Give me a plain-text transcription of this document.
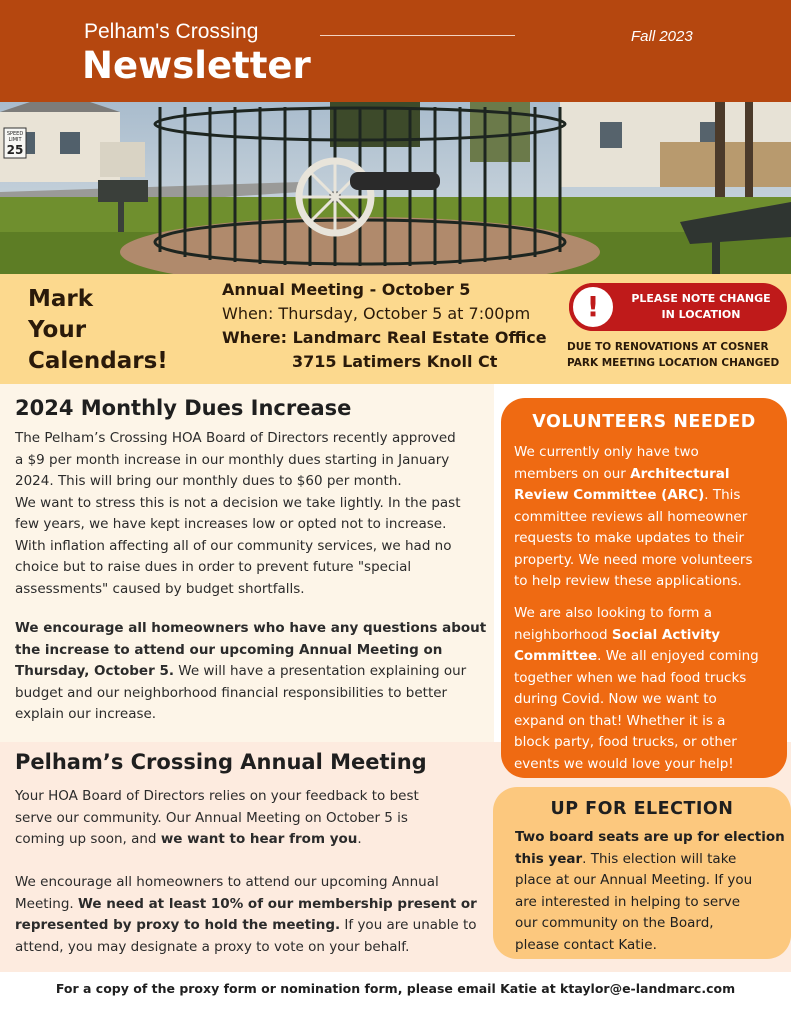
Pelham's Crossing
Newsletter
Fall 2023
SPEED
LIMIT
25
Mark
Your
Calendars!
Annual Meeting - October 5
When: Thursday, October 5 at 7:00pm
Where: Landmarc Real Estate Office
3715 Latimers Knoll Ct
DUE TO RENOVATIONS AT COSNER
PARK MEETING LOCATION CHANGED
!	PLEASE NOTE CHANGE
IN LOCATION
2024 Monthly Dues Increase
The Pelham’s Crossing HOA Board of Directors recently approved
a $9 per month increase in our monthly dues starting in January
2024. This will bring our monthly dues to $60 per month.
We want to stress this is not a decision we take lightly. In the past
few years, we have kept increases low or opted not to increase.
With inflation affecting all of our community services, we had no
choice but to raise dues in order to prevent future "special
assessments" caused by budget shortfalls.
We encourage all homeowners who have any questions about
the increase to attend our upcoming Annual Meeting on
Thursday, October 5. We will have a presentation explaining our
budget and our neighborhood financial responsibilities to better
explain our increase.
Pelham’s Crossing Annual Meeting
Your HOA Board of Directors relies on your feedback to best
serve our community. Our Annual Meeting on October 5 is
coming up soon, and we want to hear from you.
We encourage all homeowners to attend our upcoming Annual
Meeting. We need at least 10% of our membership present or
represented by proxy to hold the meeting. If you are unable to
attend, you may designate a proxy to vote on your behalf.
VOLUNTEERS NEEDED
We currently only have two
members on our Architectural
Review Committee (ARC). This
committee reviews all homeowner
requests to make updates to their
property. We need more volunteers
to help review these applications.
We are also looking to form a
neighborhood Social Activity
Committee. We all enjoyed coming
together when we had food trucks
during Covid. Now we want to
expand on that! Whether it is a
block party, food trucks, or other
events we would love your help!
UP FOR ELECTION
Two board seats are up for election
this year. This election will take
place at our Annual Meeting. If you
are interested in helping to serve
our community on the Board,
please contact Katie.
For a copy of the proxy form or nomination form, please email Katie at ktaylor@e-landmarc.com
